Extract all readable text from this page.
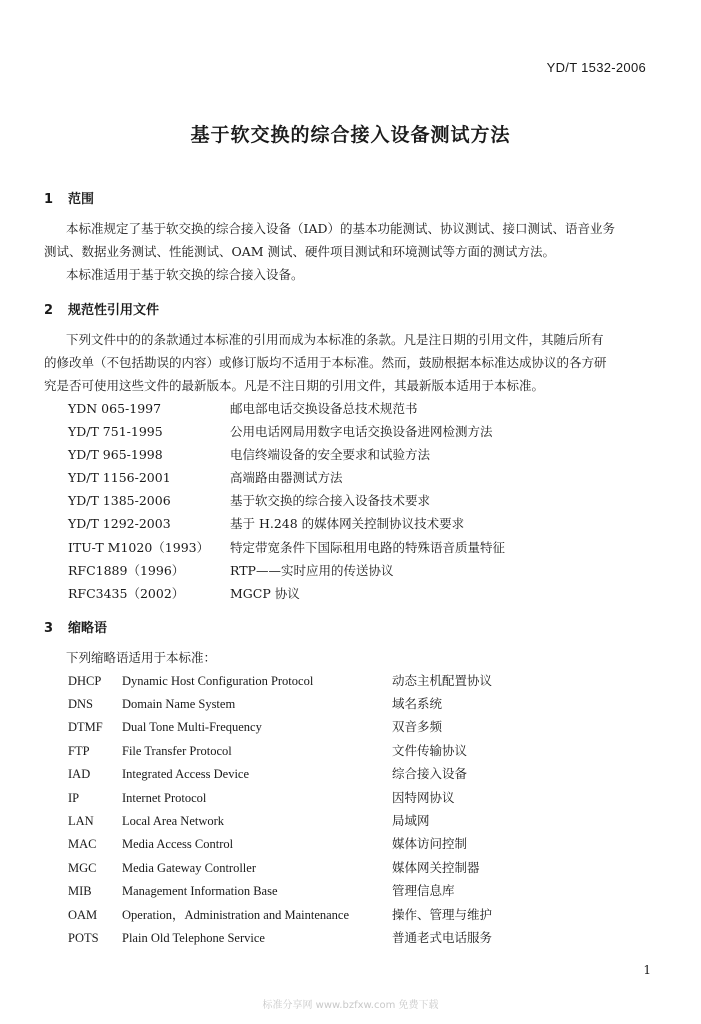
YD/T 1532-2006
基于软交换的综合接入设备测试方法
1 范围
本标准规定了基于软交换的综合接入设备（IAD）的基本功能测试、协议测试、接口测试、语音业务
测试、数据业务测试、性能测试、OAM 测试、硬件项目测试和环境测试等方面的测试方法。
本标准适用于基于软交换的综合接入设备。
2 规范性引用文件
下列文件中的的条款通过本标准的引用而成为本标准的条款。凡是注日期的引用文件，其随后所有
的修改单（不包括勘误的内容）或修订版均不适用于本标准。然而，鼓励根据本标准达成协议的各方研
究是否可使用这些文件的最新版本。凡是不注日期的引用文件，其最新版本适用于本标准。
YDN 065-1997	邮电部电话交换设备总技术规范书
YD/T 751-1995	公用电话网局用数字电话交换设备进网检测方法
YD/T 965-1998	电信终端设备的安全要求和试验方法
YD/T 1156-2001	高端路由器测试方法
YD/T 1385-2006	基于软交换的综合接入设备技术要求
YD/T 1292-2003	基于 H.248 的媒体网关控制协议技术要求
ITU-T M1020（1993） 特定带宽条件下国际租用电路的特殊语音质量特征
RFC1889（1996）	RTP——实时应用的传送协议
RFC3435（2002）	MGCP 协议
3 缩略语
下列缩略语适用于本标准：
DHCP Dynamic Host Configuration Protocol	动态主机配置协议
DNS Domain Name System	域名系统
DTMF Dual Tone Multi-Frequency	双音多频
FTP	File Transfer Protocol	文件传输协议
IAD	Integrated Access Device	综合接入设备
IP	Internet Protocol	因特网协议
LAN Local Area Network	局域网
MAC Media Access Control	媒体访问控制
MGC Media Gateway Controller	媒体网关控制器
MIB Management Information Base	管理信息库
OAM Operation，Administration and Maintenance	操作、管理与维护
POTS Plain Old Telephone Service	普通老式电话服务
1
标准分享网 www.bzfxw.com 免费下载
